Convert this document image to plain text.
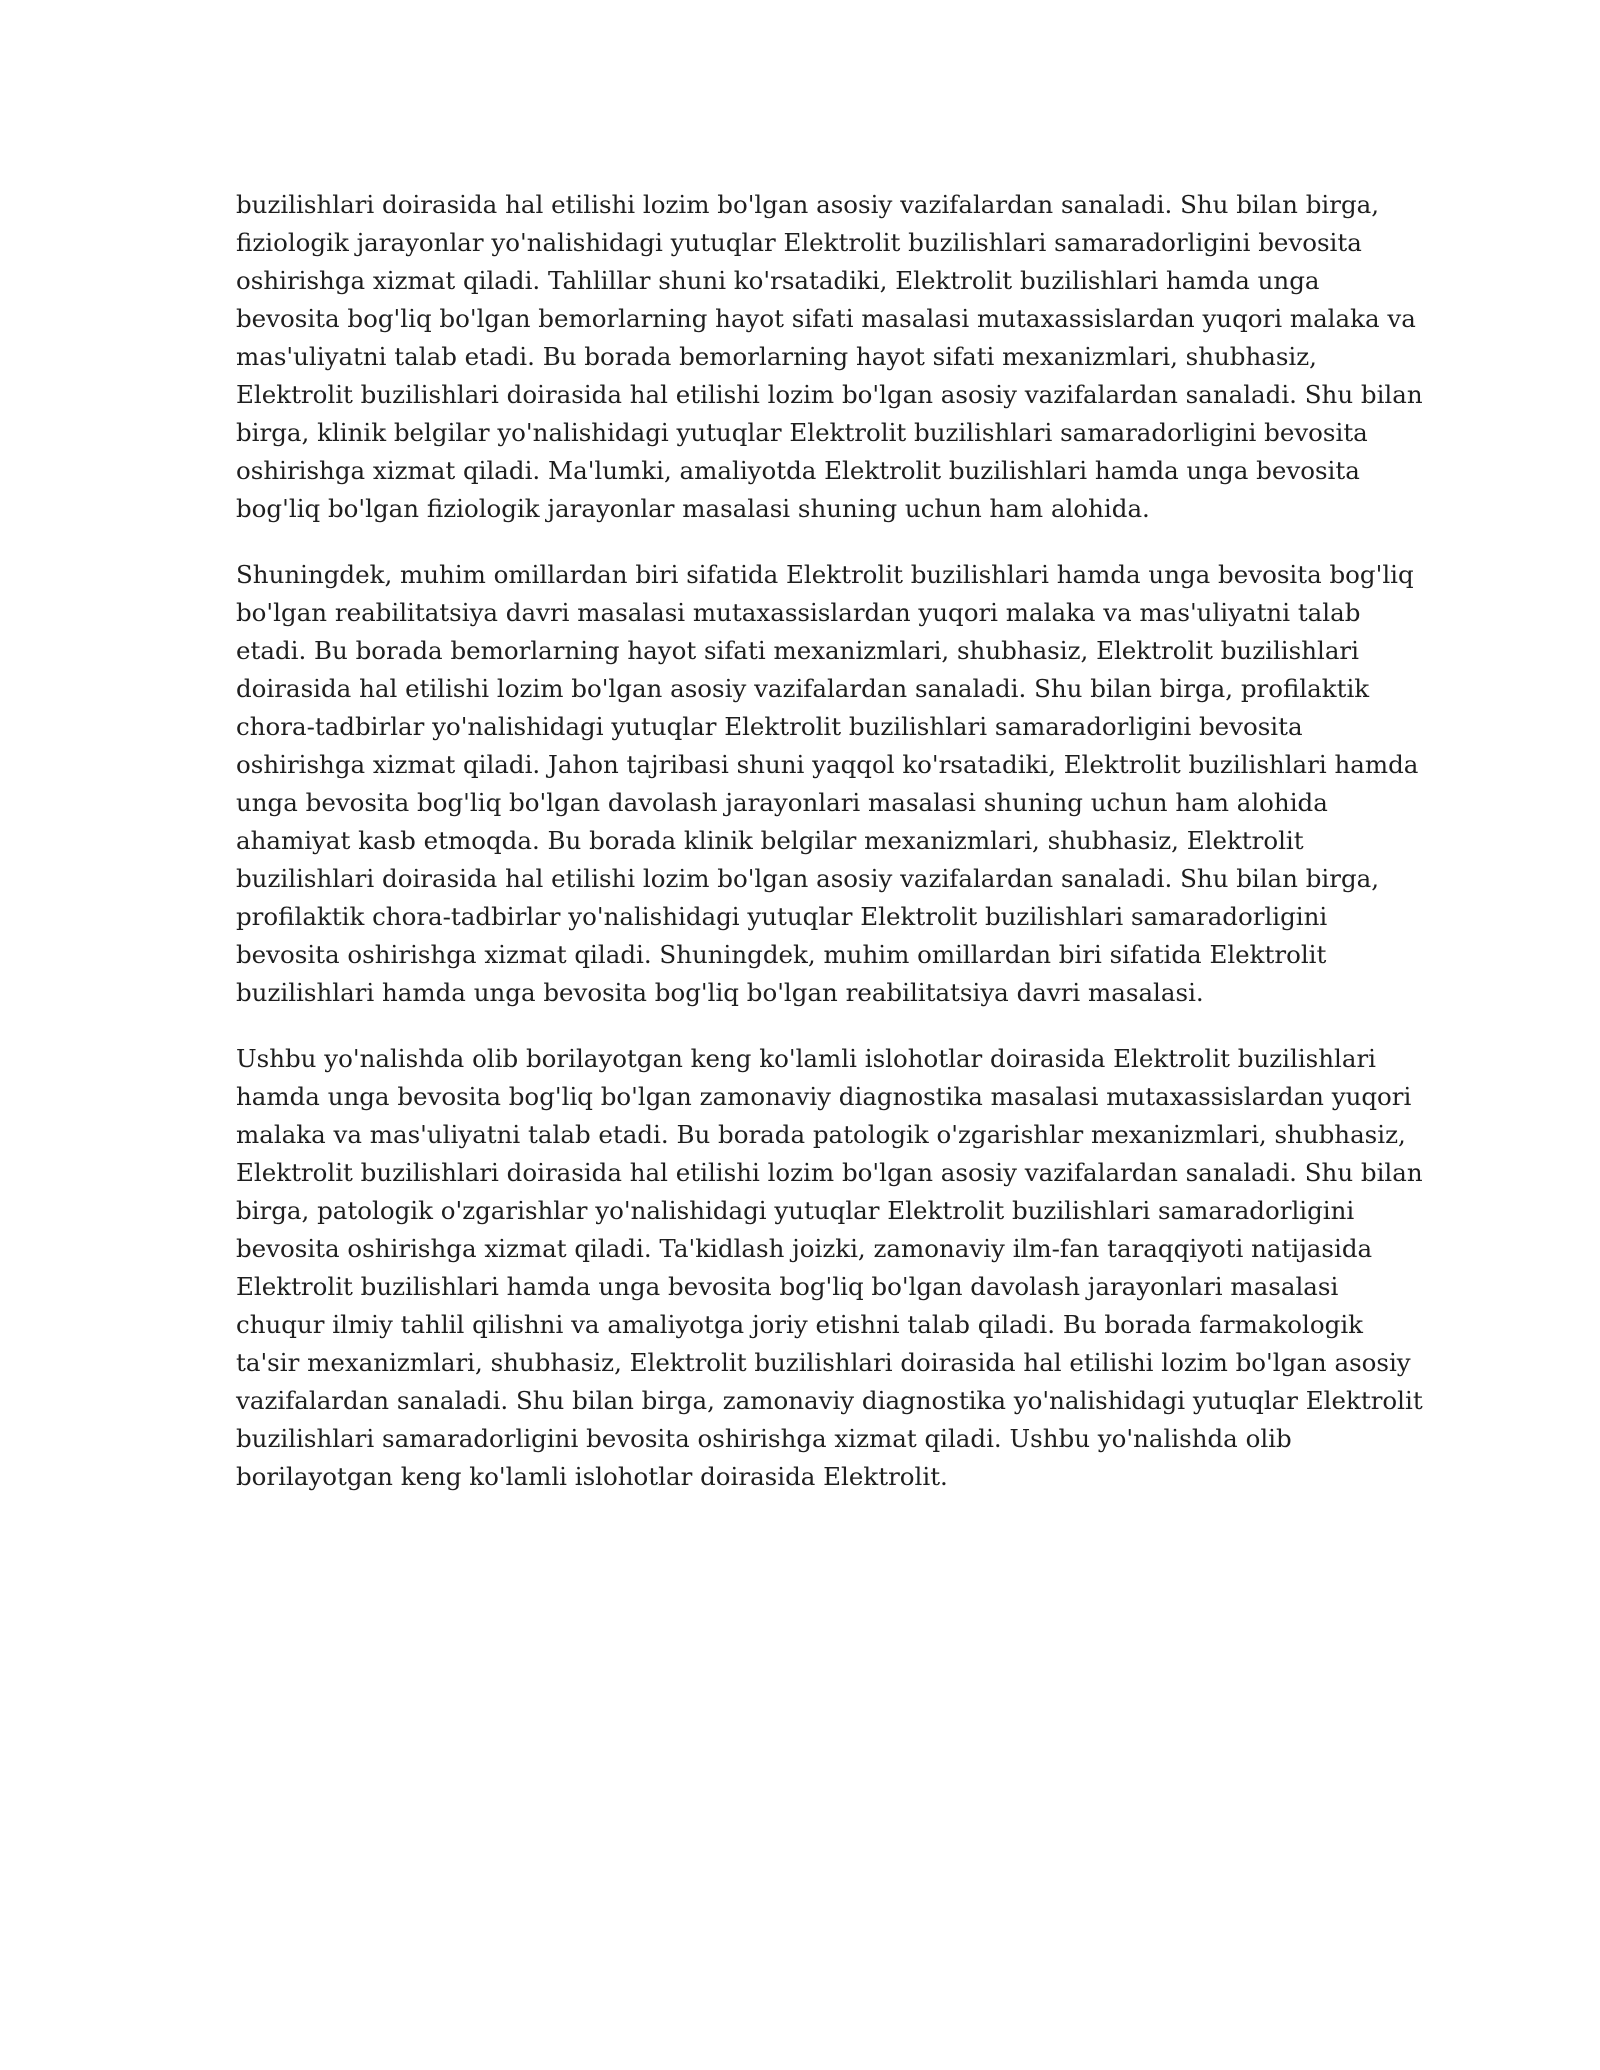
buzilishlari doirasida hal etilishi lozim bo'lgan asosiy vazifalardan sanaladi. Shu bilan birga,
fiziologik jarayonlar yo'nalishidagi yutuqlar Elektrolit buzilishlari samaradorligini bevosita
oshirishga xizmat qiladi. Tahlillar shuni ko'rsatadiki, Elektrolit buzilishlari hamda unga
bevosita bog'liq bo'lgan bemorlarning hayot sifati masalasi mutaxassislardan yuqori malaka va
mas'uliyatni talab etadi. Bu borada bemorlarning hayot sifati mexanizmlari, shubhasiz,
Elektrolit buzilishlari doirasida hal etilishi lozim bo'lgan asosiy vazifalardan sanaladi. Shu bilan
birga, klinik belgilar yo'nalishidagi yutuqlar Elektrolit buzilishlari samaradorligini bevosita
oshirishga xizmat qiladi. Ma'lumki, amaliyotda Elektrolit buzilishlari hamda unga bevosita
bog'liq bo'lgan fiziologik jarayonlar masalasi shuning uchun ham alohida.

Shuningdek, muhim omillardan biri sifatida Elektrolit buzilishlari hamda unga bevosita bog'liq
bo'lgan reabilitatsiya davri masalasi mutaxassislardan yuqori malaka va mas'uliyatni talab
etadi. Bu borada bemorlarning hayot sifati mexanizmlari, shubhasiz, Elektrolit buzilishlari
doirasida hal etilishi lozim bo'lgan asosiy vazifalardan sanaladi. Shu bilan birga, profilaktik
chora-tadbirlar yo'nalishidagi yutuqlar Elektrolit buzilishlari samaradorligini bevosita
oshirishga xizmat qiladi. Jahon tajribasi shuni yaqqol ko'rsatadiki, Elektrolit buzilishlari hamda
unga bevosita bog'liq bo'lgan davolash jarayonlari masalasi shuning uchun ham alohida
ahamiyat kasb etmoqda. Bu borada klinik belgilar mexanizmlari, shubhasiz, Elektrolit
buzilishlari doirasida hal etilishi lozim bo'lgan asosiy vazifalardan sanaladi. Shu bilan birga,
profilaktik chora-tadbirlar yo'nalishidagi yutuqlar Elektrolit buzilishlari samaradorligini
bevosita oshirishga xizmat qiladi. Shuningdek, muhim omillardan biri sifatida Elektrolit
buzilishlari hamda unga bevosita bog'liq bo'lgan reabilitatsiya davri masalasi.

Ushbu yo'nalishda olib borilayotgan keng ko'lamli islohotlar doirasida Elektrolit buzilishlari
hamda unga bevosita bog'liq bo'lgan zamonaviy diagnostika masalasi mutaxassislardan yuqori
malaka va mas'uliyatni talab etadi. Bu borada patologik o'zgarishlar mexanizmlari, shubhasiz,
Elektrolit buzilishlari doirasida hal etilishi lozim bo'lgan asosiy vazifalardan sanaladi. Shu bilan
birga, patologik o'zgarishlar yo'nalishidagi yutuqlar Elektrolit buzilishlari samaradorligini
bevosita oshirishga xizmat qiladi. Ta'kidlash joizki, zamonaviy ilm-fan taraqqiyoti natijasida
Elektrolit buzilishlari hamda unga bevosita bog'liq bo'lgan davolash jarayonlari masalasi
chuqur ilmiy tahlil qilishni va amaliyotga joriy etishni talab qiladi. Bu borada farmakologik
ta'sir mexanizmlari, shubhasiz, Elektrolit buzilishlari doirasida hal etilishi lozim bo'lgan asosiy
vazifalardan sanaladi. Shu bilan birga, zamonaviy diagnostika yo'nalishidagi yutuqlar Elektrolit
buzilishlari samaradorligini bevosita oshirishga xizmat qiladi. Ushbu yo'nalishda olib
borilayotgan keng ko'lamli islohotlar doirasida Elektrolit.
